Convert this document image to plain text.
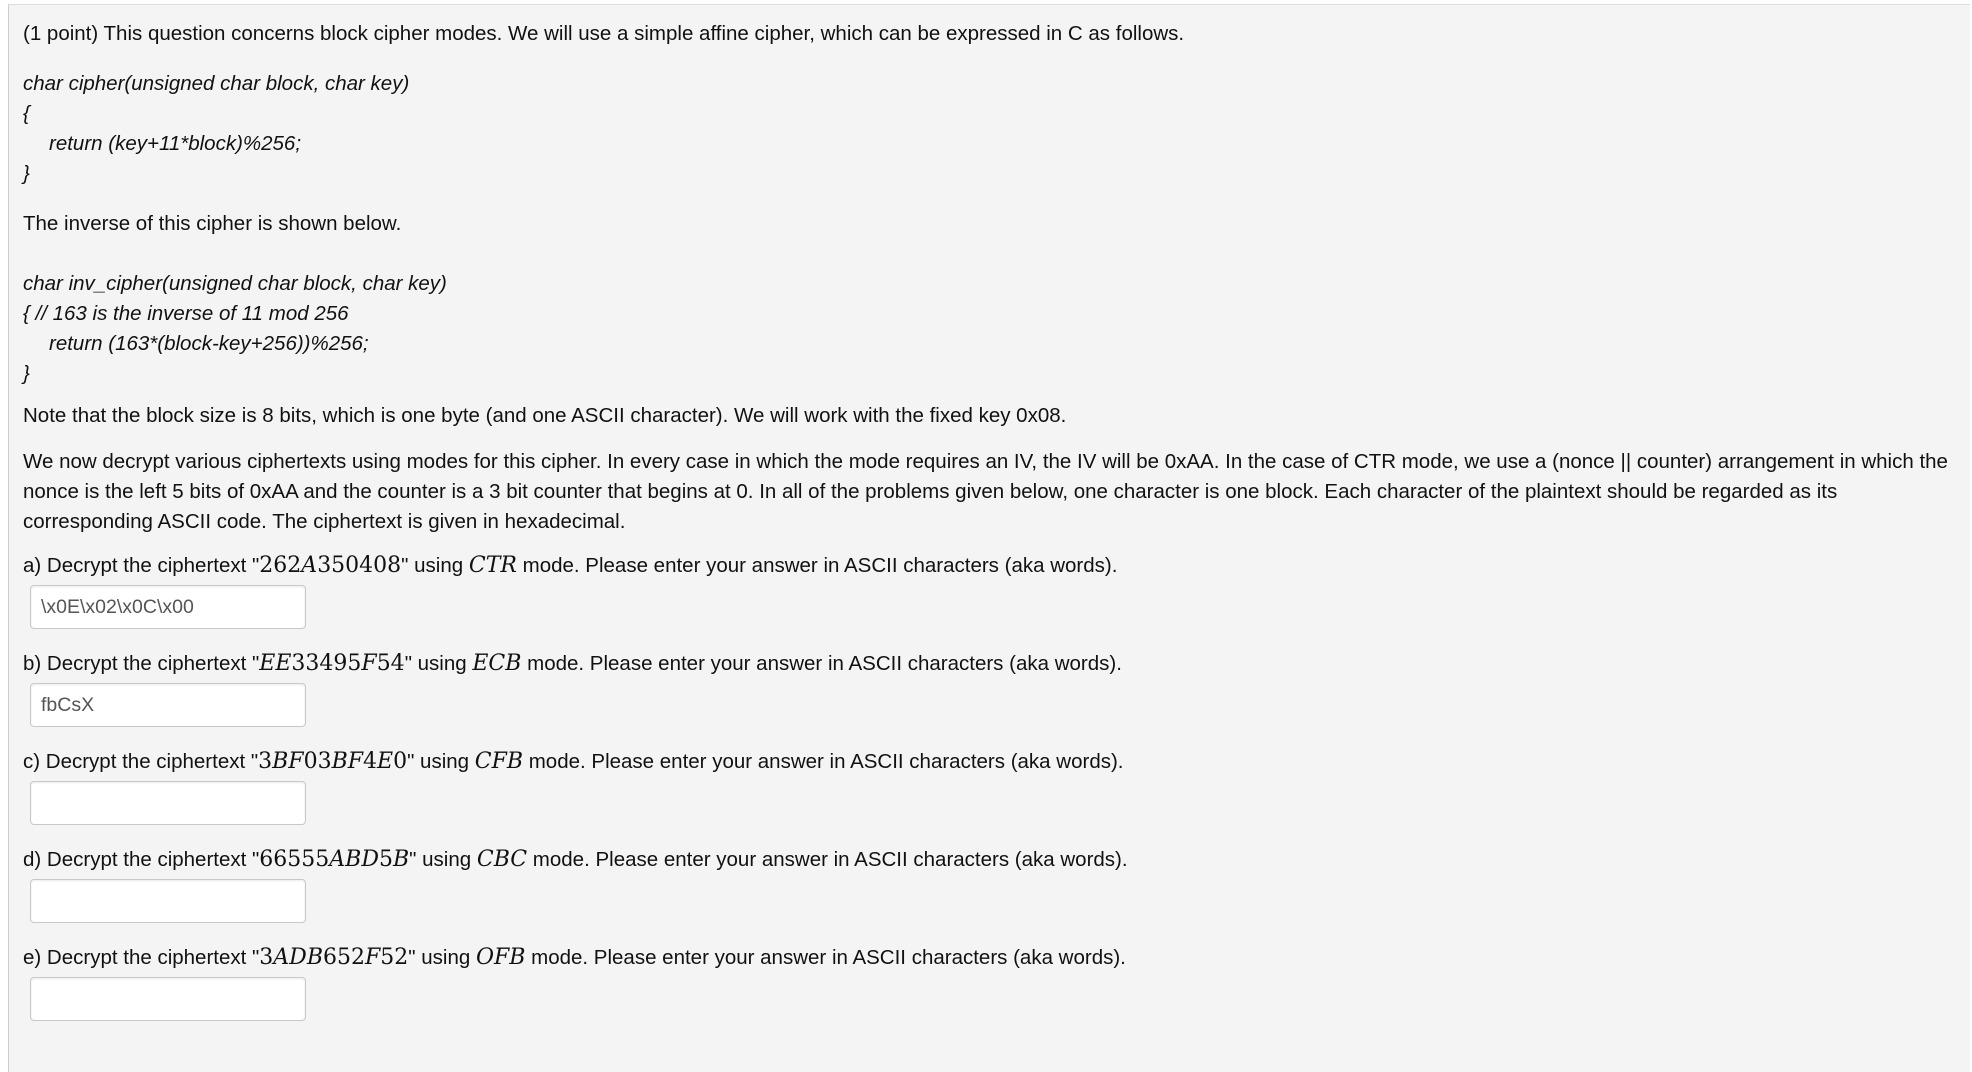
(1 point) This question concerns block cipher modes. We will use a simple affine cipher, which can be expressed in C as follows.

char cipher(unsigned char block, char key)

{

return (key+11*block)%256;

}

The inverse of this cipher is shown below.

char inv_cipher(unsigned char block, char key)

{ // 163 is the inverse of 11 mod 256

return (163*(block-key+256))%256;

}

Note that the block size is 8 bits, which is one byte (and one ASCII character). We will work with the fixed key 0x08.

We now decrypt various ciphertexts using modes for this cipher. In every case in which the mode requires an IV, the IV will be 0xAA. In the case of CTR mode, we use a (nonce || counter) arrangement in which the nonce is the left 5 bits of 0xAA and the counter is a 3 bit counter that begins at 0. In all of the problems given below, one character is one block. Each character of the plaintext should be regarded as its corresponding ASCII code. The ciphertext is given in hexadecimal.

a) Decrypt the ciphertext "262A350408" using CTR mode. Please enter your answer in ASCII characters (aka words).

\x0E\x02\x0C\x00

b) Decrypt the ciphertext "EE33495F54" using ECB mode. Please enter your answer in ASCII characters (aka words).

fbCsX

c) Decrypt the ciphertext "3BF03BF4E0" using CFB mode. Please enter your answer in ASCII characters (aka words).

d) Decrypt the ciphertext "66555ABD5B" using CBC mode. Please enter your answer in ASCII characters (aka words).

e) Decrypt the ciphertext "3ADB652F52" using OFB mode. Please enter your answer in ASCII characters (aka words).
